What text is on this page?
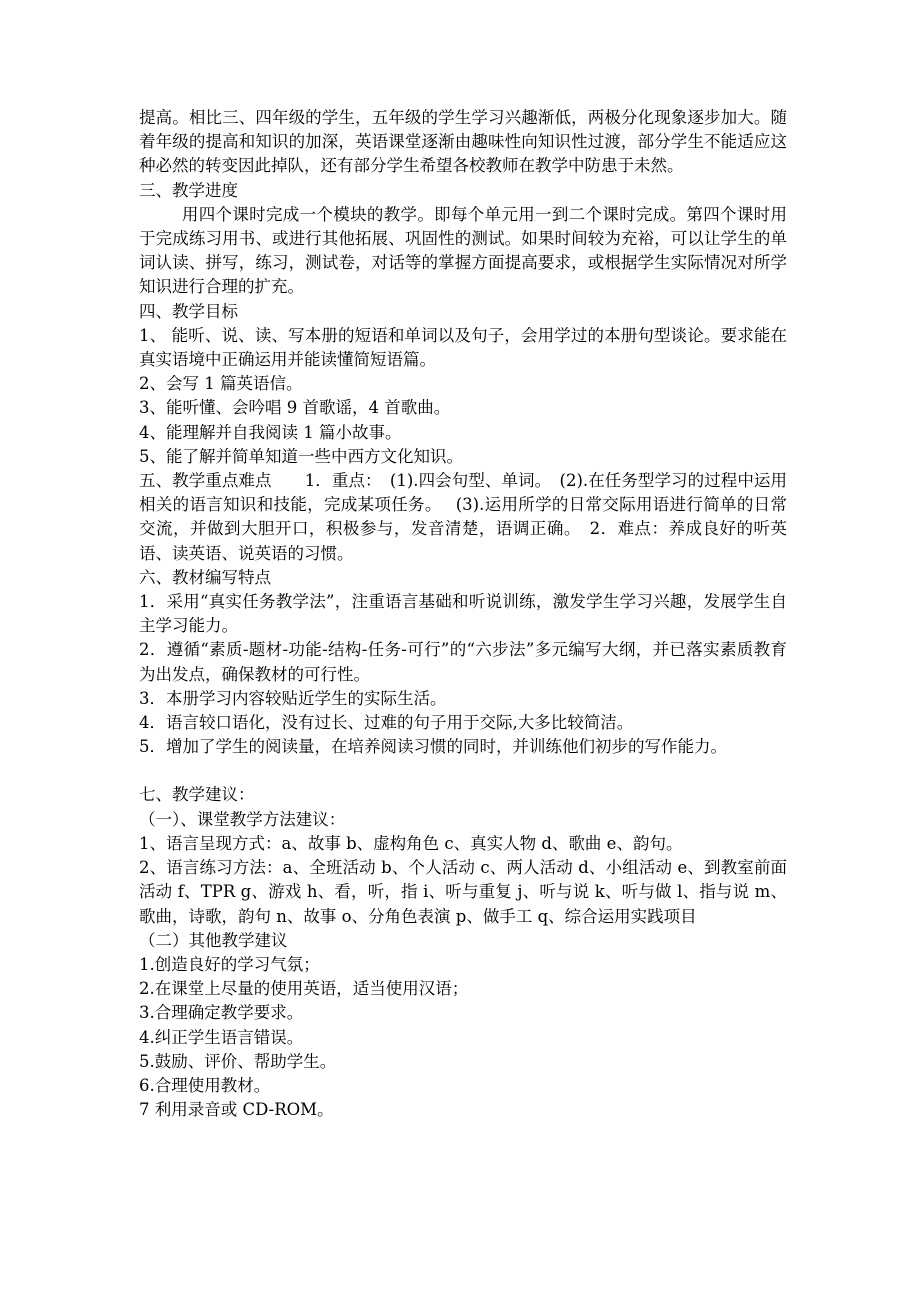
提高。相比三、四年级的学生，五年级的学生学习兴趣渐低，两极分化现象逐步加大。随着年级的提高和知识的加深，英语课堂逐渐由趣味性向知识性过渡，部分学生不能适应这种必然的转变因此掉队，还有部分学生希望各校教师在教学中防患于未然。

三、教学进度

用四个课时完成一个模块的教学。即每个单元用一到二个课时完成。第四个课时用于完成练习用书、或进行其他拓展、巩固性的测试。如果时间较为充裕，可以让学生的单词认读、拼写，练习，测试卷，对话等的掌握方面提高要求，或根据学生实际情况对所学知识进行合理的扩充。

四、教学目标

1、 能听、说、读、写本册的短语和单词以及句子，会用学过的本册句型谈论。要求能在真实语境中正确运用并能读懂简短语篇。

2、会写 1 篇英语信。

3、能听懂、会吟唱 9 首歌谣，4 首歌曲。

4、能理解并自我阅读 1 篇小故事。

5、能了解并简单知道一些中西方文化知识。

五、教学重点难点　　1．重点：　(1).四会句型、单词。　(2).在任务型学习的过程中运用相关的语言知识和技能，完成某项任务。　 (3).运用所学的日常交际用语进行简单的日常交流，并做到大胆开口，积极参与，发音清楚，语调正确。　2．难点：养成良好的听英语、读英语、说英语的习惯。

六、教材编写特点

1．采用“真实任务教学法”，注重语言基础和听说训练，激发学生学习兴趣，发展学生自主学习能力。

2．遵循“素质-题材-功能-结构-任务-可行”的“六步法”多元编写大纲，并已落实素质教育为出发点，确保教材的可行性。

3．本册学习内容较贴近学生的实际生活。

4．语言较口语化，没有过长、过难的句子用于交际,大多比较简洁。

5．增加了学生的阅读量，在培养阅读习惯的同时，并训练他们初步的写作能力。

七、教学建议：

（一）、课堂教学方法建议：

1、语言呈现方式：a、故事 b、虚构角色 c、真实人物 d、歌曲 e、韵句。

2、语言练习方法：a、全班活动 b、个人活动 c、两人活动 d、小组活动 e、到教室前面活动 f、TPR g、游戏 h、看，听，指 i、听与重复 j、听与说 k、听与做 l、指与说 m、歌曲，诗歌，韵句 n、故事 o、分角色表演 p、做手工 q、综合运用实践项目

（二）其他教学建议

1.创造良好的学习气氛；

2.在课堂上尽量的使用英语，适当使用汉语；

3.合理确定教学要求。

4.纠正学生语言错误。

5.鼓励、评价、帮助学生。

6.合理使用教材。

7 利用录音或 CD-ROM。
